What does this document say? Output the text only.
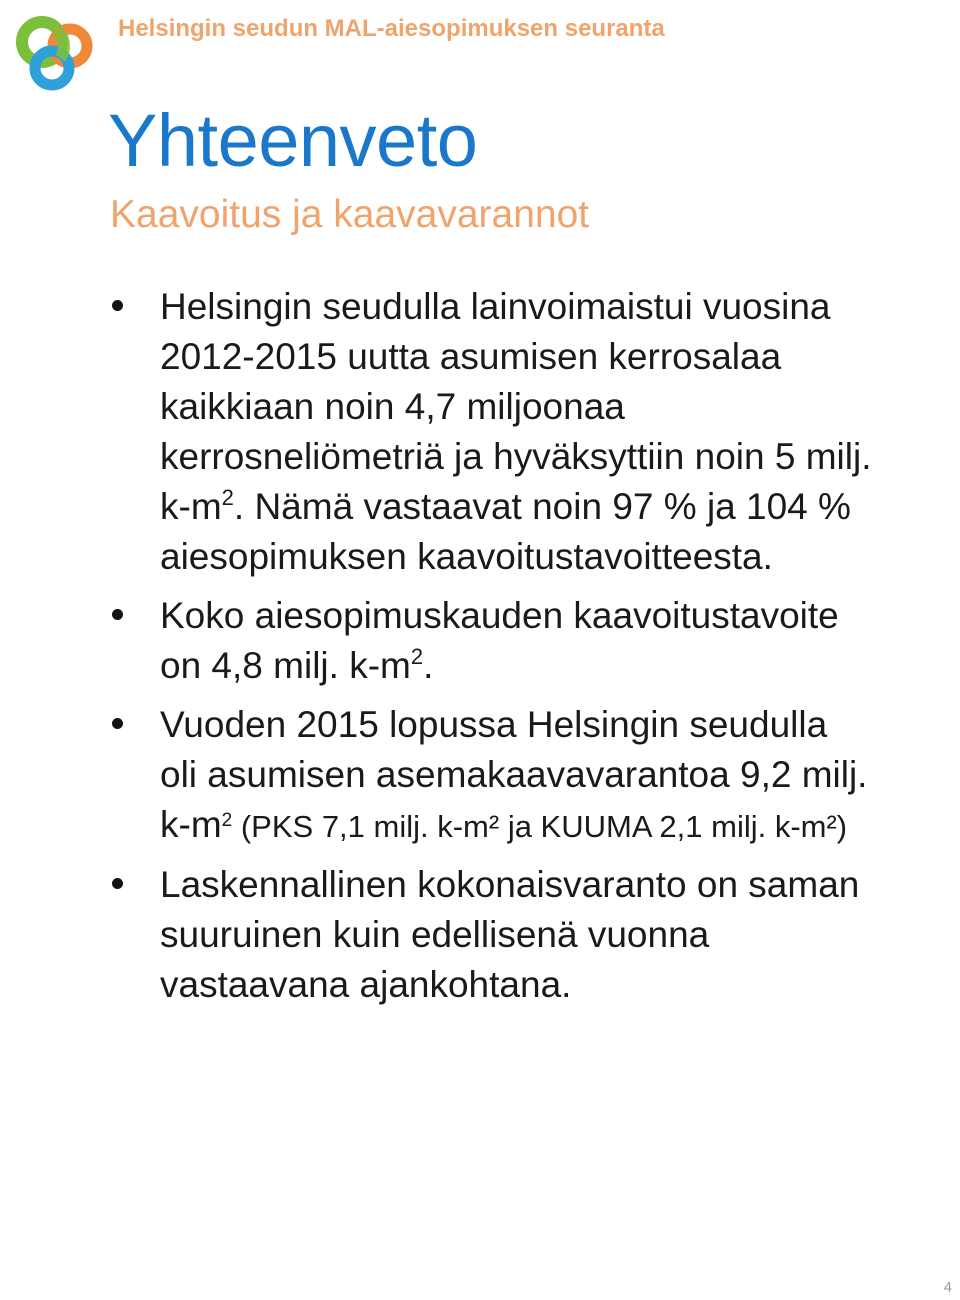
Helsingin seudun MAL-aiesopimuksen seuranta
Yhteenveto
Kaavoitus ja kaavavarannot
Helsingin seudulla lainvoimaistui vuosina
2012-2015 uutta asumisen kerrosalaa
kaikkiaan noin 4,7 miljoonaa
kerrosneliömetriä ja hyväksyttiin noin 5 milj.
$k-m^2$. Nämä vastaavat noin 97 % ja 104 %
aiesopimuksen kaavoitustavoitteesta.
Koko aiesopimuskauden kaavoitustavoite
on 4,8 milj. $k-m^2$.
Vuoden 2015 lopussa Helsingin seudulla
oli asumisen asemakaavavarantoa 9,2 milj.
$k-m^2$ (PKS 7,1 milj. k-m² ja KUUMA 2,1 milj. k-m²)
Laskennallinen kokonaisvaranto on saman
suuruinen kuin edellisenä vuonna
vastaavana ajankohtana.
4
